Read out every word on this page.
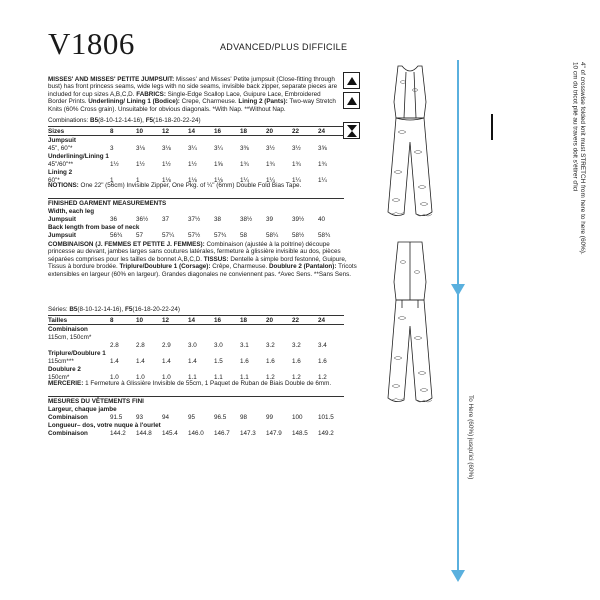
V1806	ADVANCED/PLUS DIFFICILE
MISSES' AND MISSES' PETITE JUMPSUIT: Misses' and Misses' Petite jumpsuit (Close-fitting through bust) has front princess seams, wide legs with no side seams, invisible back zipper, separate pieces are included for cup sizes A,B,C,D. FABRICS: Single-Edge Scallop Lace, Guipure Lace, Embroidered Border Prints. Underlining/ Lining 1 (Bodice): Crepe, Charmeuse. Lining 2 (Pants): Two-way Stretch Knits (60% Cross grain). Unsuitable for obvious diagonals. *With Nap. **Without Nap.
Combinations: B5(8-10-12-14-16), F5(16-18-20-22-24)
Sizes	8	10	12	14	16	18	20	22	24
Jumpsuit									
45", 60"*	3	3⅛	3⅛	3¼	3¼	3⅜	3½	3½	3⅝
Underlining/Lining 1									
45"/60"**	1½	1½	1½	1½	1⅝	1¾	1¾	1¾	1¾
Lining 2									
60"*	1	1	1⅛	1⅛	1⅛	1¼	1¼	1¼	1¼
NOTIONS: One 22" (56cm) Invisible Zipper, One Pkg. of ¼" (6mm) Double Fold Bias Tape.
FINISHED GARMENT MEASUREMENTS									
Width, each leg									
Jumpsuit	36	36½	37	37½	38	38½	39	39½	40
Back length from base of neck									
Jumpsuit	56¾	57	57¼	57½	57¾	58	58¼	58½	58¾
COMBINAISON (J. FEMMES ET PETITE J. FEMMES): Combinaison (ajustée à la poitrine) découpe princesse au devant, jambes larges sans coutures latérales, fermeture à glissière invisible au dos, pièces séparées comprises pour les tailles de bonnet A,B,C,D. TISSUS: Dentelle à simple bord festonné, Guipure, Tissus à bordure brodée. Triplure/Doublure 1 (Corsage): Crêpe, Charmeuse. Doublure 2 (Pantalon): Tricots extensibles en largeur (60% en largeur). Grandes diagonales ne conviennent pas. *Avec Sens. **Sans Sens.
Séries: B5(8-10-12-14-16), F5(16-18-20-22-24)
Tailles	8	10	12	14	16	18	20	22	24
Combinaison									
115cm, 150cm*									
	2.8	2.8	2.9	3.0	3.0	3.1	3.2	3.2	3.4
Triplure/Doublure 1									
115cm***	1.4	1.4	1.4	1.4	1.5	1.6	1.6	1.6	1.6
Doublure 2									
150cm*	1.0	1.0	1.0	1.1	1.1	1.1	1.2	1.2	1.2
MERCERIE: 1 Fermeture à Glissière Invisible de 55cm, 1 Paquet de Ruban de Biais Double de 6mm.
MESURES DU VÊTEMENTS FINI									
Largeur, chaque jambe									
Combinaison	91.5	93	94	95	96.5	98	99	100	101.5
Longueur– dos, votre nuque à l'ourlet									
Combinaison	144.2	144.8	145.4	146.0	146.7	147.3	147.9	148.5	149.2	To Here (60%) jusqu'ici (60%)
4" of crosswise folded knit must STRETCH from here to here (60%). 10 cm du tricot plié au travers doit s'étirer d'ici
